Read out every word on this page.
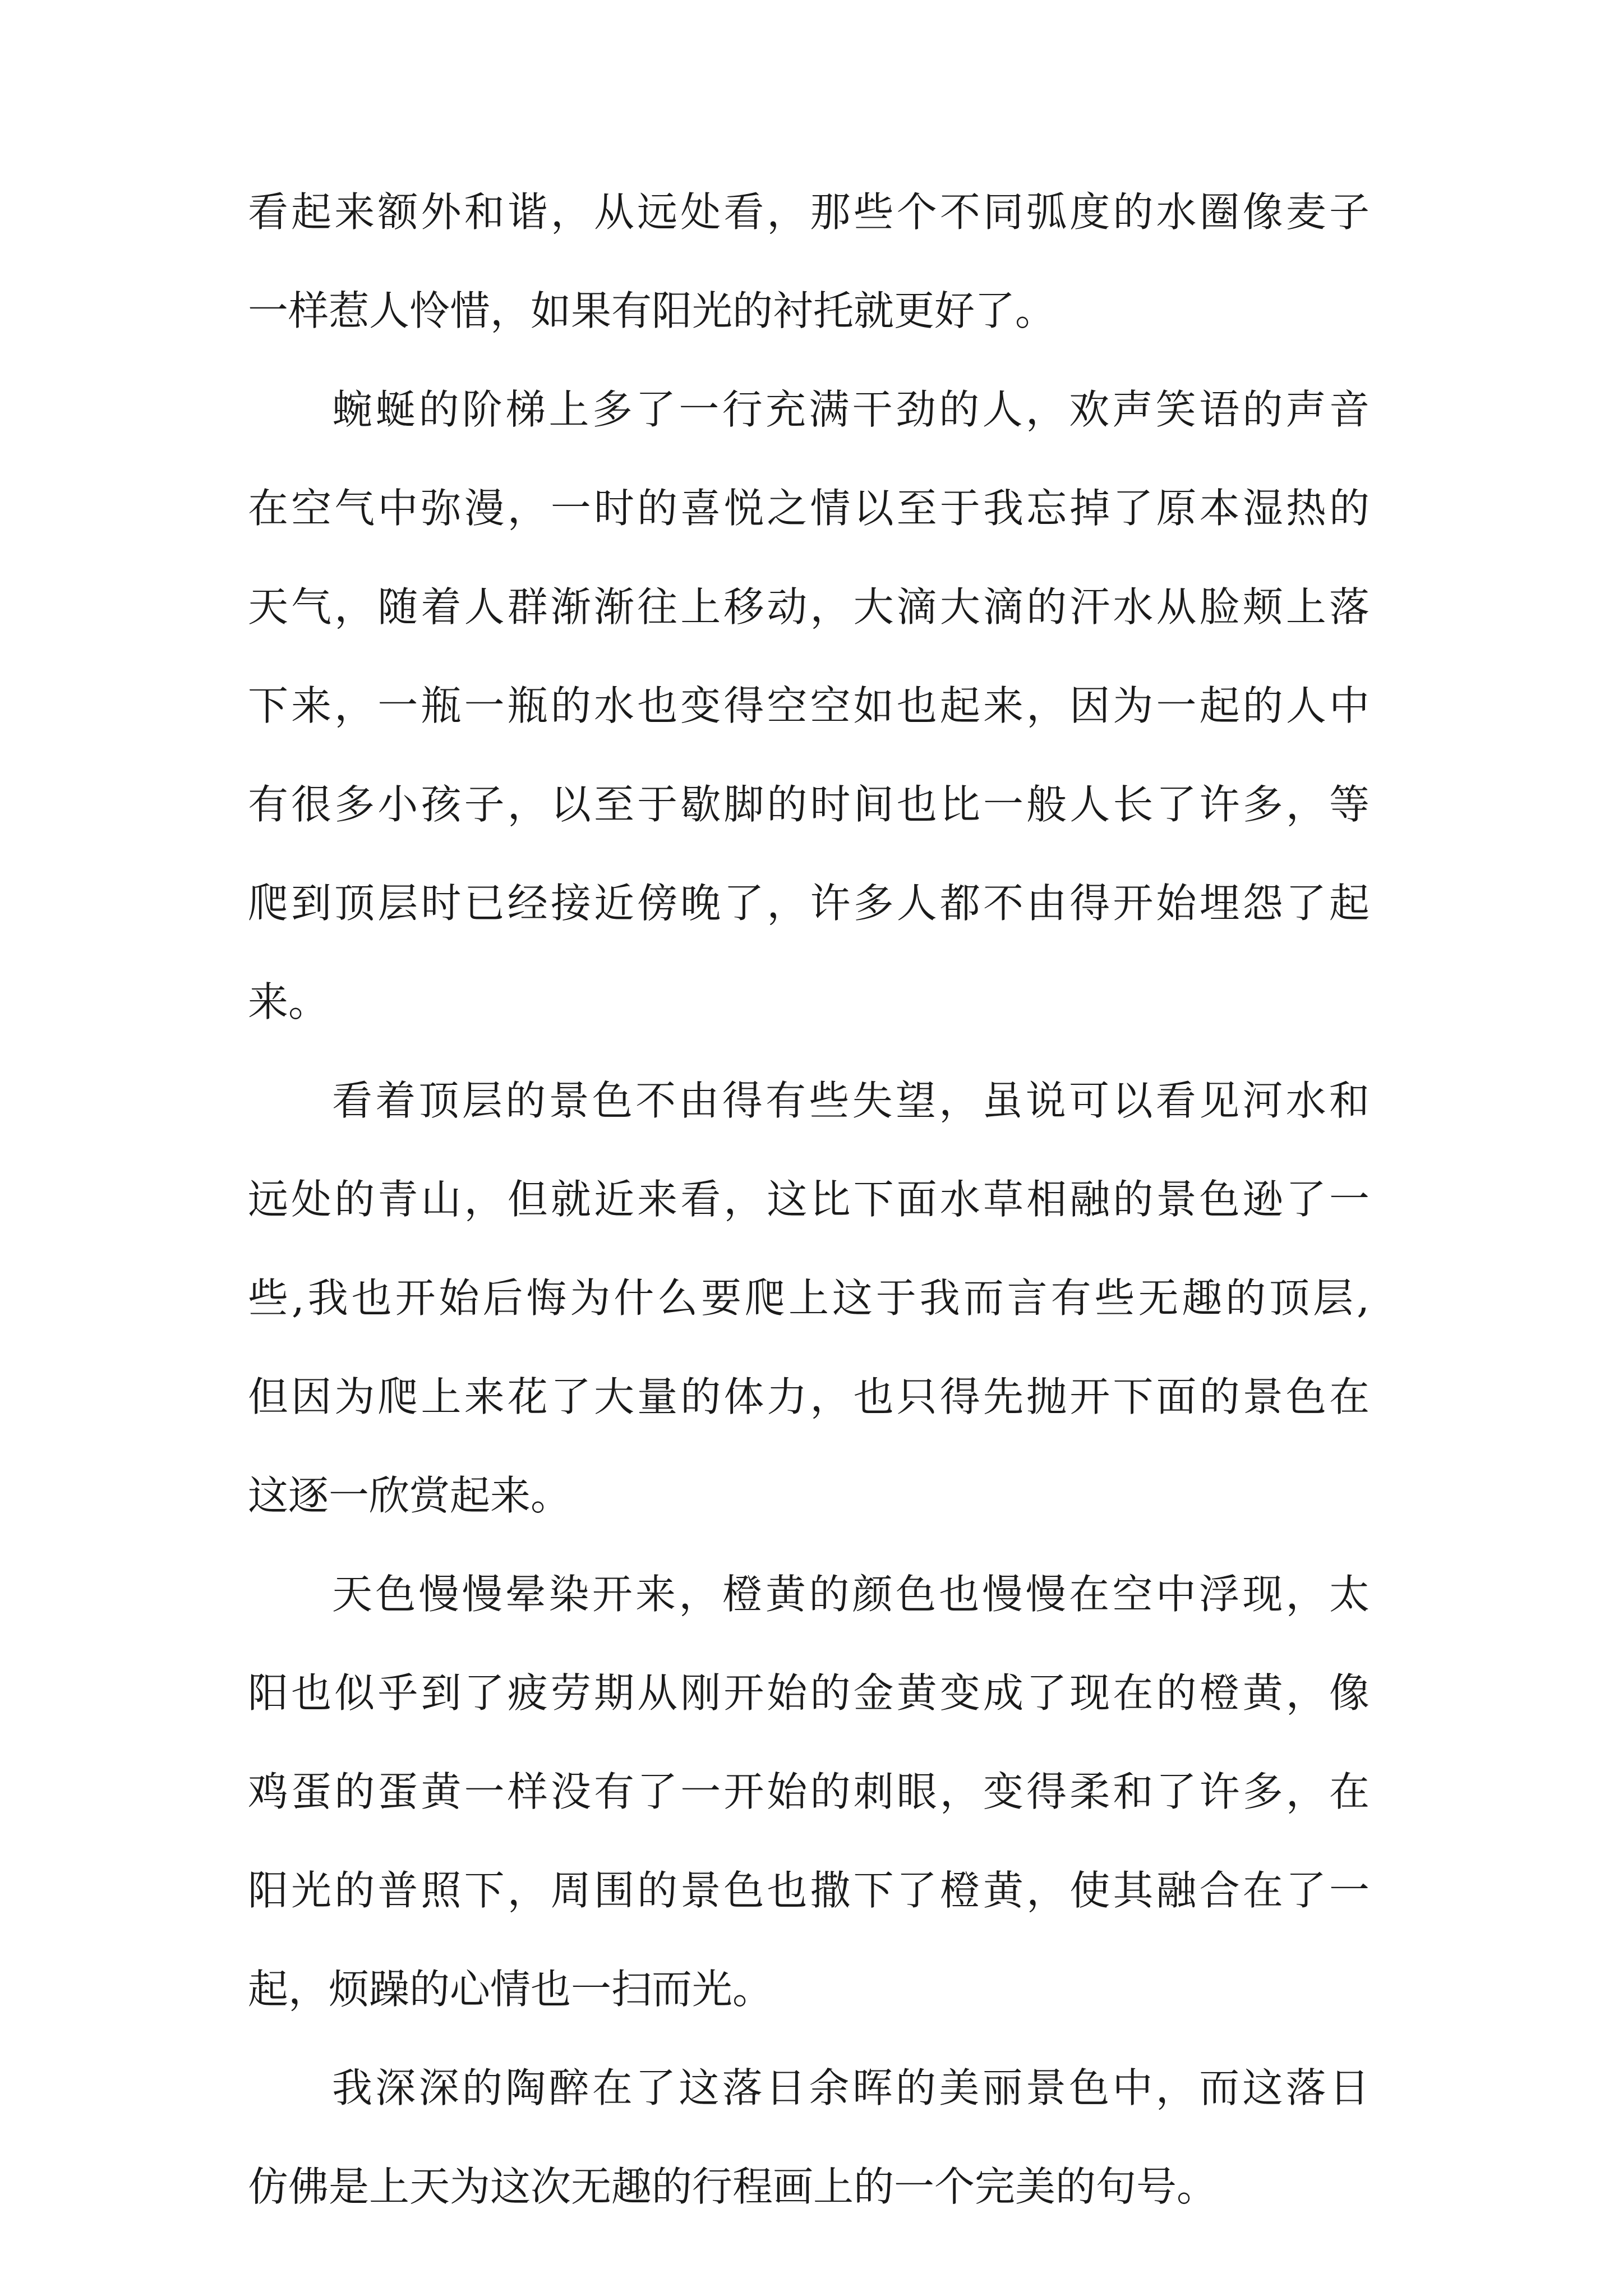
看起来额外和谐，从远处看，那些个不同弧度的水圈像麦子
一样惹人怜惜，如果有阳光的衬托就更好了。
蜿蜒的阶梯上多了一行充满干劲的人，欢声笑语的声音
在空气中弥漫，一时的喜悦之情以至于我忘掉了原本湿热的
天气，随着人群渐渐往上移动，大滴大滴的汗水从脸颊上落
下来，一瓶一瓶的水也变得空空如也起来，因为一起的人中
有很多小孩子，以至于歇脚的时间也比一般人长了许多，等
爬到顶层时已经接近傍晚了，许多人都不由得开始埋怨了起
来。
看着顶层的景色不由得有些失望，虽说可以看见河水和
远处的青山，但就近来看，这比下面水草相融的景色逊了一
些,我也开始后悔为什么要爬上这于我而言有些无趣的顶层,
但因为爬上来花了大量的体力，也只得先抛开下面的景色在
这逐一欣赏起来。
天色慢慢晕染开来，橙黄的颜色也慢慢在空中浮现，太
阳也似乎到了疲劳期从刚开始的金黄变成了现在的橙黄，像
鸡蛋的蛋黄一样没有了一开始的刺眼，变得柔和了许多，在
阳光的普照下，周围的景色也撒下了橙黄，使其融合在了一
起，烦躁的心情也一扫而光。
我深深的陶醉在了这落日余晖的美丽景色中，而这落日
仿佛是上天为这次无趣的行程画上的一个完美的句号。
